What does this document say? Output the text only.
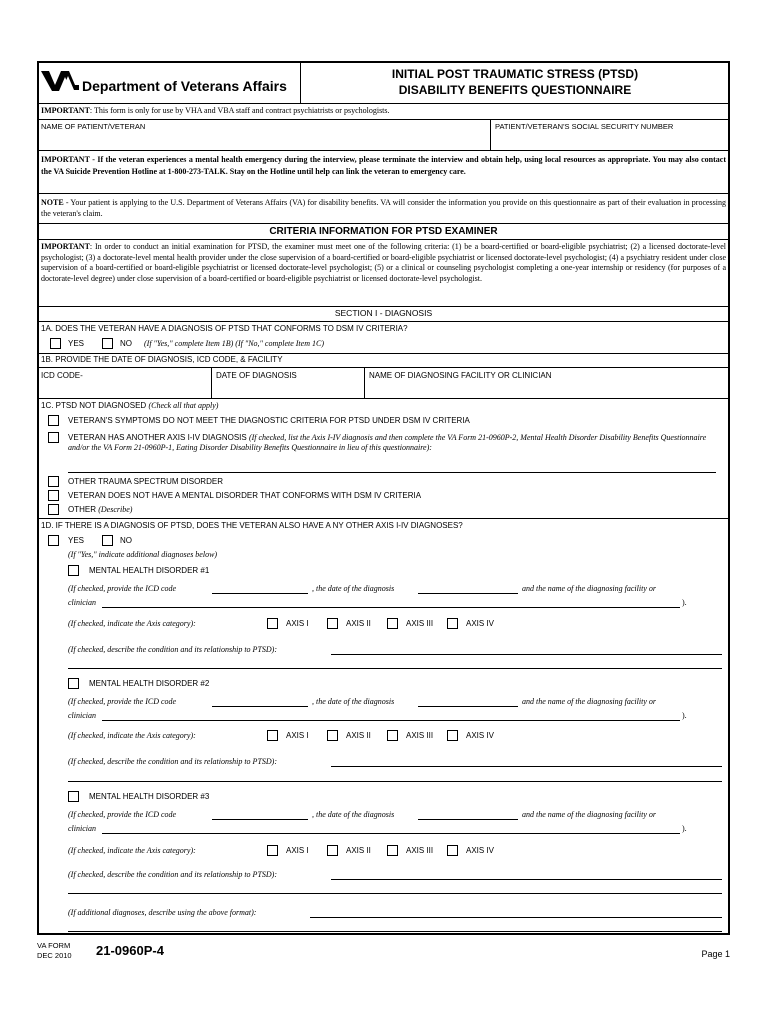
Department of Veterans Affairs
INITIAL POST TRAUMATIC STRESS (PTSD)
DISABILITY BENEFITS QUESTIONNAIRE
IMPORTANT: This form is only for use by VHA and VBA staff and contract psychiatrists or psychologists.
NAME OF PATIENT/VETERAN	PATIENT/VETERAN'S SOCIAL SECURITY NUMBER
IMPORTANT - If the veteran experiences a mental health emergency during the interview, please terminate the interview and obtain help, using local resources as appropriate. You may also contact the VA Suicide Prevention Hotline at 1-800-273-TALK. Stay on the Hotline until help can link the veteran to emergency care.
NOTE - Your patient is applying to the U.S. Department of Veterans Affairs (VA) for disability benefits. VA will consider the information you provide on this questionnaire as part of their evaluation in processing the veteran's claim.
CRITERIA INFORMATION FOR PTSD EXAMINER
IMPORTANT: In order to conduct an initial examination for PTSD, the examiner must meet one of the following criteria: (1) be a board-certified or board-eligible psychiatrist; (2) a licensed doctorate-level psychologist; (3) a doctorate-level mental health provider under the close supervision of a board-certified or board-eligible psychiatrist or licensed doctorate-level psychologist; (4) a psychiatry resident under close supervision of a board-certified or board-eligible psychiatrist or licensed doctorate-level psychologist; (5) or a clinical or counseling psychologist completing a one-year internship or residency (for purposes of a doctorate-level degree) under close supervision of a board-certified or board-eligible psychiatrist or licensed doctorate-level psychologist.
SECTION I - DIAGNOSIS
1A. DOES THE VETERAN HAVE A DIAGNOSIS OF PTSD THAT CONFORMS TO DSM IV CRITERIA?
YES	NO (If "Yes," complete Item 1B) (If "No," complete Item 1C)
1B. PROVIDE THE DATE OF DIAGNOSIS, ICD CODE, & FACILITY
ICD CODE-	DATE OF DIAGNOSIS	NAME OF DIAGNOSING FACILITY OR CLINICIAN
1C. PTSD NOT DIAGNOSED (Check all that apply)
VETERAN'S SYMPTOMS DO NOT MEET THE DIAGNOSTIC CRITERIA FOR PTSD UNDER DSM IV CRITERIA
VETERAN HAS ANOTHER AXIS I-IV DIAGNOSIS (If checked, list the Axis I-IV diagnosis and then complete the VA Form 21-0960P-2, Mental Health Disorder Disability Benefits Questionnaire and/or the VA Form 21-0960P-1, Eating Disorder Disability Benefits Questionnaire in lieu of this questionnaire):
OTHER TRAUMA SPECTRUM DISORDER
VETERAN DOES NOT HAVE A MENTAL DISORDER THAT CONFORMS WITH DSM IV CRITERIA
OTHER (Describe)
1D. IF THERE IS A DIAGNOSIS OF PTSD, DOES THE VETERAN ALSO HAVE A NY OTHER AXIS I-IV DIAGNOSES?
YES	NO
(If "Yes," indicate additional diagnoses below)
MENTAL HEALTH DISORDER #1
(If checked, provide the ICD code	, the date of the diagnosis	and the name of the diagnosing facility or
clinician	).
(If checked, indicate the Axis category):	AXIS I	AXIS II	AXIS III	AXIS IV
(If checked, describe the condition and its relationship to PTSD):
MENTAL HEALTH DISORDER #2
(If checked, provide the ICD code	, the date of the diagnosis	and the name of the diagnosing facility or
clinician	).
(If checked, indicate the Axis category):	AXIS I	AXIS II	AXIS III	AXIS IV
(If checked, describe the condition and its relationship to PTSD):
MENTAL HEALTH DISORDER #3
(If checked, provide the ICD code	, the date of the diagnosis	and the name of the diagnosing facility or
clinician	).
(If checked, indicate the Axis category):	AXIS I	AXIS II	AXIS III	AXIS IV
(If checked, describe the condition and its relationship to PTSD):
(If additional diagnoses, describe using the above format):
VA FORM
DEC 2010 21-0960P-4	Page 1
